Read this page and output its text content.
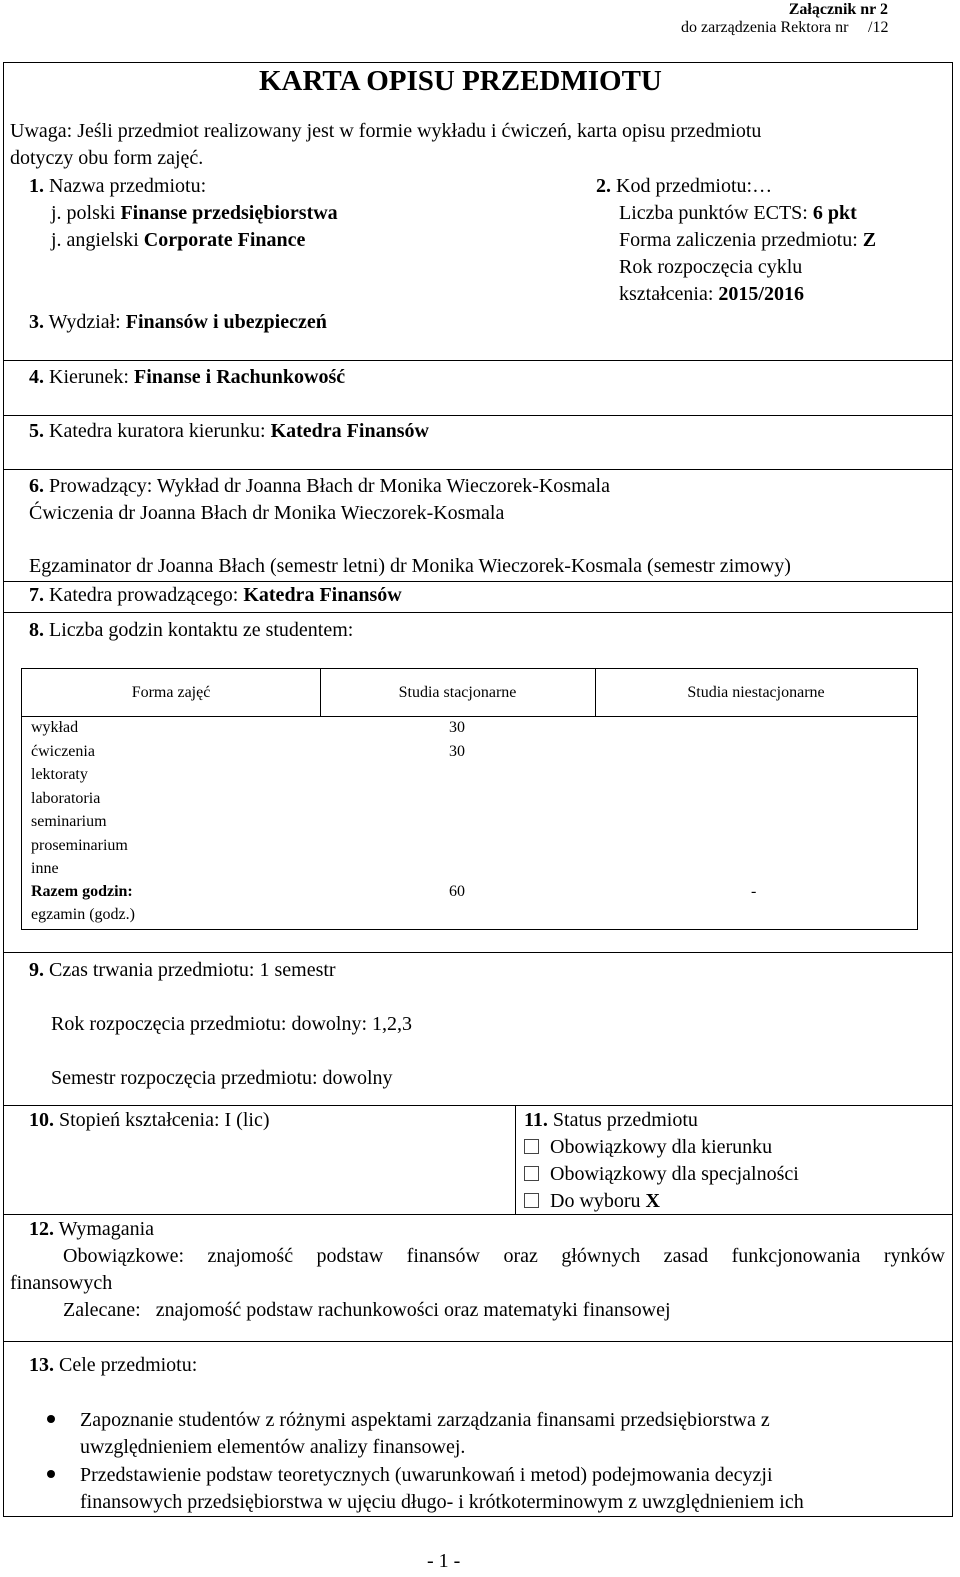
Załącznik nr 2
do zarządzenia Rektora nr /12
KARTA OPISU PRZEDMIOTU
Uwaga: Jeśli przedmiot realizowany jest w formie wykładu i ćwiczeń, karta opisu przedmiotu
dotyczy obu form zajęć.
1. Nazwa przedmiotu:
j. polski Finanse przedsiębiorstwa
j. angielski Corporate Finance
2. Kod przedmiotu:…
Liczba punktów ECTS: 6 pkt
Forma zaliczenia przedmiotu: Z
Rok rozpoczęcia cyklu
kształcenia: 2015/2016
3. Wydział: Finansów i ubezpieczeń
4. Kierunek: Finanse i Rachunkowość
5. Katedra kuratora kierunku: Katedra Finansów
6. Prowadzący: Wykład dr Joanna Błach dr Monika Wieczorek-Kosmala
Ćwiczenia dr Joanna Błach dr Monika Wieczorek-Kosmala
Egzaminator dr Joanna Błach (semestr letni) dr Monika Wieczorek-Kosmala (semestr zimowy)
7. Katedra prowadzącego: Katedra Finansów
8. Liczba godzin kontaktu ze studentem:
Forma zajęć	Studia stacjonarne	Studia niestacjonarne
wykład	30
ćwiczenia	30
lektoraty
laboratoria
seminarium
proseminarium
inne
Razem godzin:	60	-
egzamin (godz.)
9. Czas trwania przedmiotu: 1 semestr
Rok rozpoczęcia przedmiotu: dowolny: 1,2,3
Semestr rozpoczęcia przedmiotu: dowolny
10. Stopień kształcenia: I (lic)	11. Status przedmiotu
Obowiązkowy dla kierunku
Obowiązkowy dla specjalności
Do wyboru X
12. Wymagania
Obowiązkowe: znajomość podstaw finansów oraz głównych zasad funkcjonowania rynków
finansowych
Zalecane: znajomość podstaw rachunkowości oraz matematyki finansowej
13. Cele przedmiotu:
Zapoznanie studentów z różnymi aspektami zarządzania finansami przedsiębiorstwa z
uwzględnieniem elementów analizy finansowej.
Przedstawienie podstaw teoretycznych (uwarunkowań i metod) podejmowania decyzji
finansowych przedsiębiorstwa w ujęciu długo- i krótkoterminowym z uwzględnieniem ich
- 1 -
